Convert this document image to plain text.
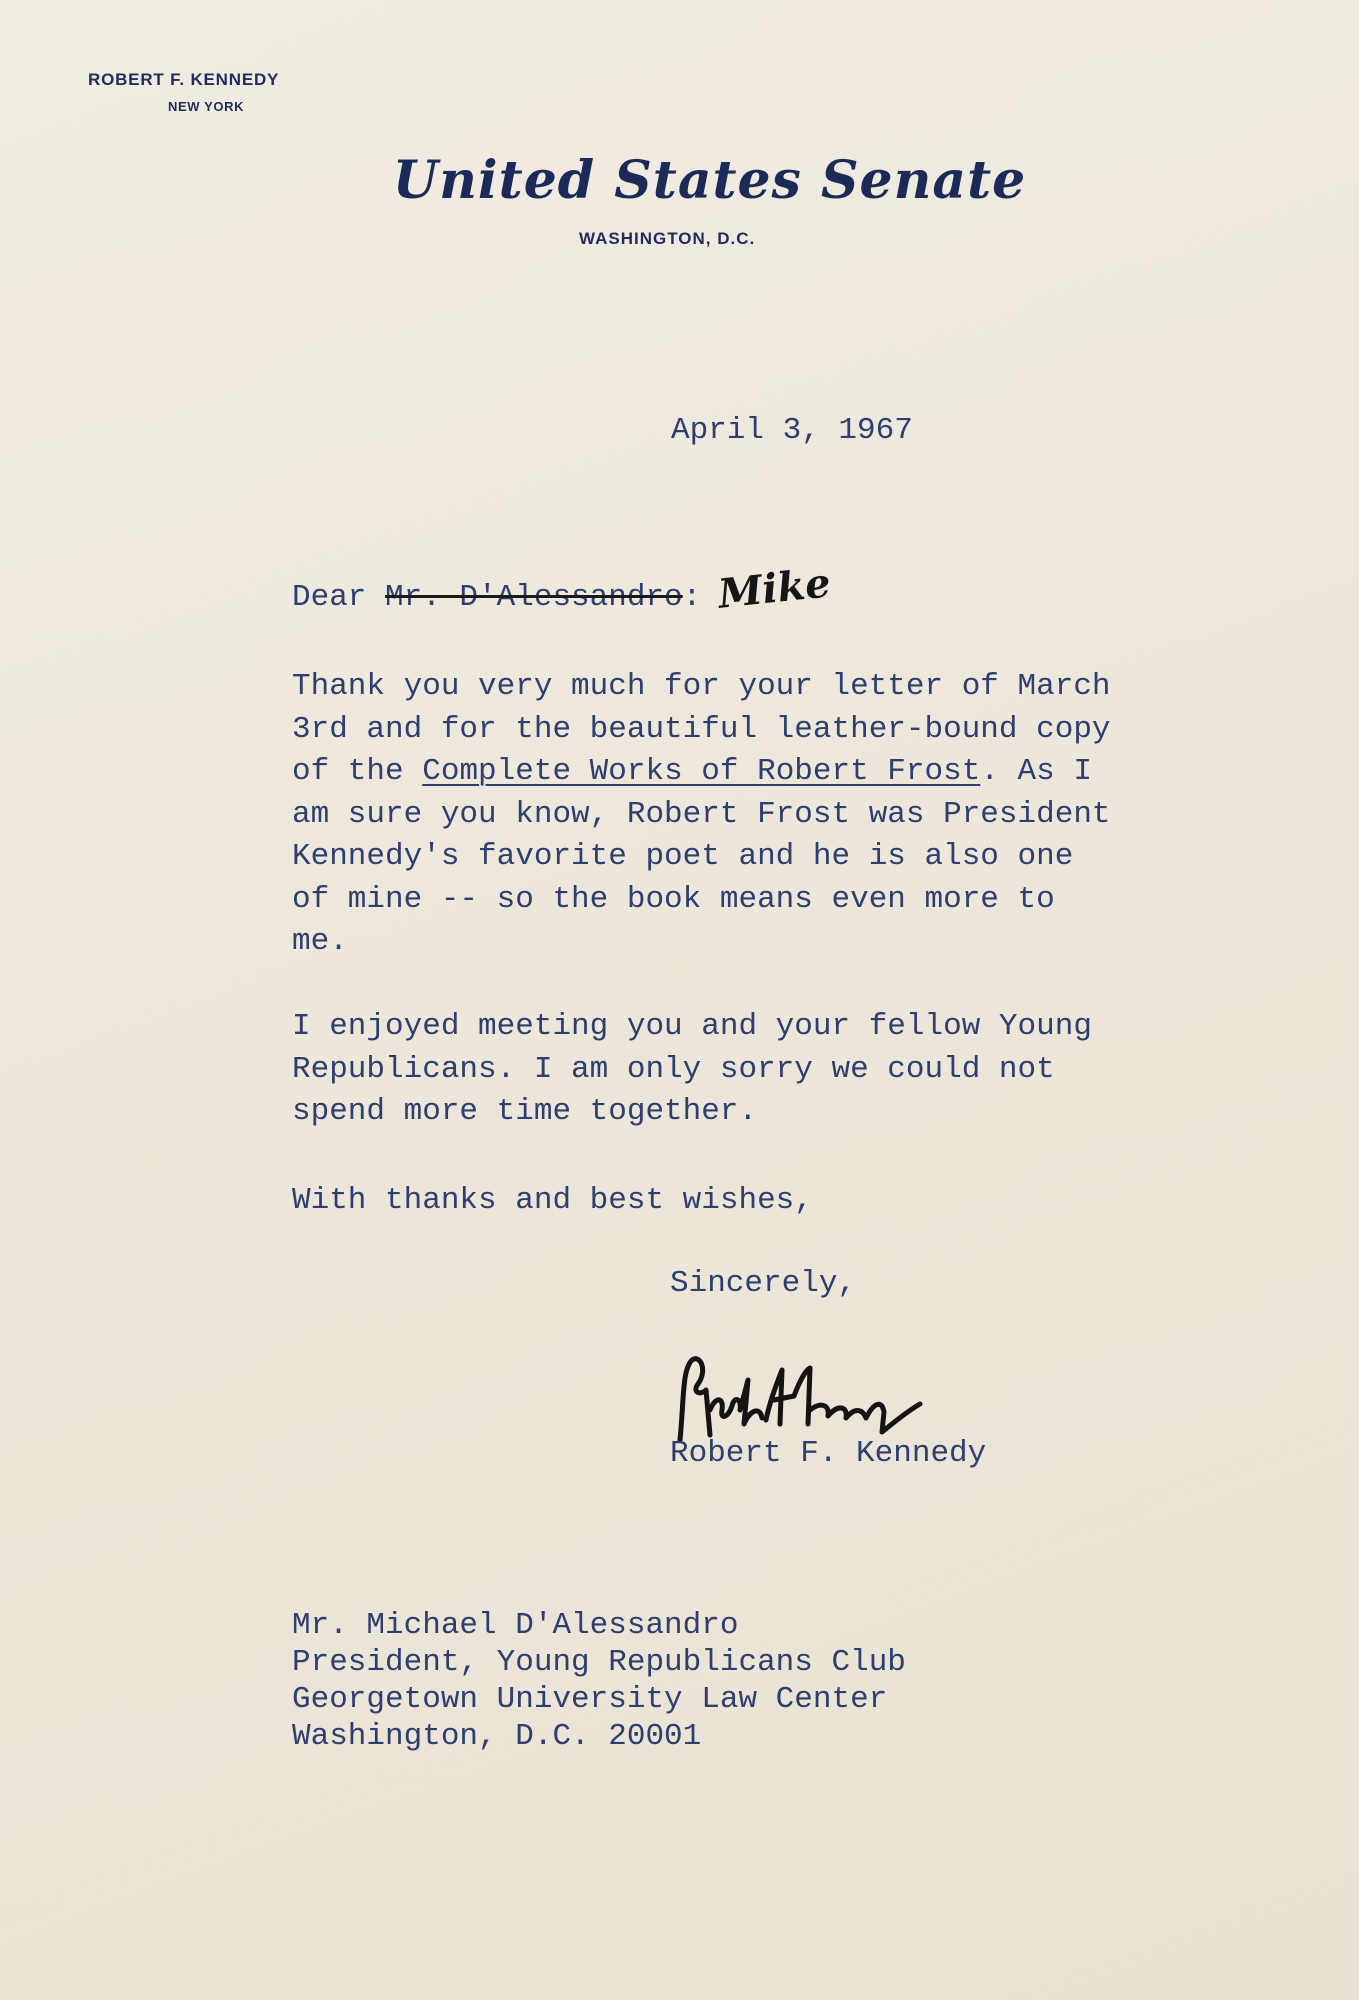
ROBERT F. KENNEDY
NEW YORK
United States Senate
WASHINGTON, D.C.
April 3, 1967
Dear Mr. D'Alessandro: Mike

Thank you very much for your letter of March 3rd and for the beautiful leather-bound copy of the Complete Works of Robert Frost. As I am sure you know, Robert Frost was President Kennedy's favorite poet and he is also one of mine -- so the book means even more to me.

I enjoyed meeting you and your fellow Young Republicans. I am only sorry we could not spend more time together.

With thanks and best wishes,

Sincerely,
Robert F. Kennedy
Mr. Michael D'Alessandro
President, Young Republicans Club
Georgetown University Law Center
Washington, D.C. 20001
